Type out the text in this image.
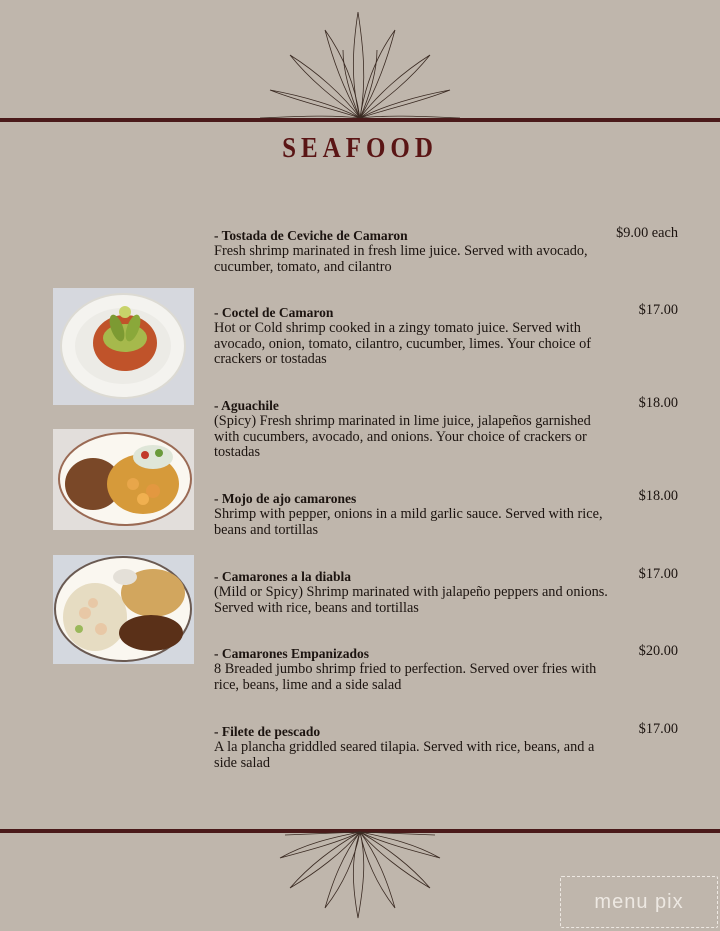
SEAFOOD
- Tostada de Ceviche de Camaron
Fresh shrimp marinated in fresh lime juice. Served with avocado, cucumber, tomato, and cilantro
$9.00 each
- Coctel de Camaron
Hot or Cold shrimp cooked in a zingy tomato juice. Served with avocado, onion, tomato, cilantro, cucumber, limes. Your choice of crackers or tostadas
$17.00
- Aguachile
(Spicy) Fresh shrimp marinated in lime juice, jalapeños garnished with cucumbers, avocado, and onions. Your choice of crackers or tostadas
$18.00
- Mojo de ajo camarones
Shrimp with pepper, onions in a mild garlic sauce. Served with rice, beans and tortillas
$18.00
- Camarones a la diabla
(Mild or Spicy) Shrimp marinated with jalapeño peppers and onions. Served with rice, beans and tortillas
$17.00
- Camarones Empanizados
8 Breaded jumbo shrimp fried to perfection. Served over fries with rice, beans, lime and a side salad
$20.00
- Filete de pescado
A la plancha griddled seared tilapia. Served with rice, beans, and a side salad
$17.00
menu pix
